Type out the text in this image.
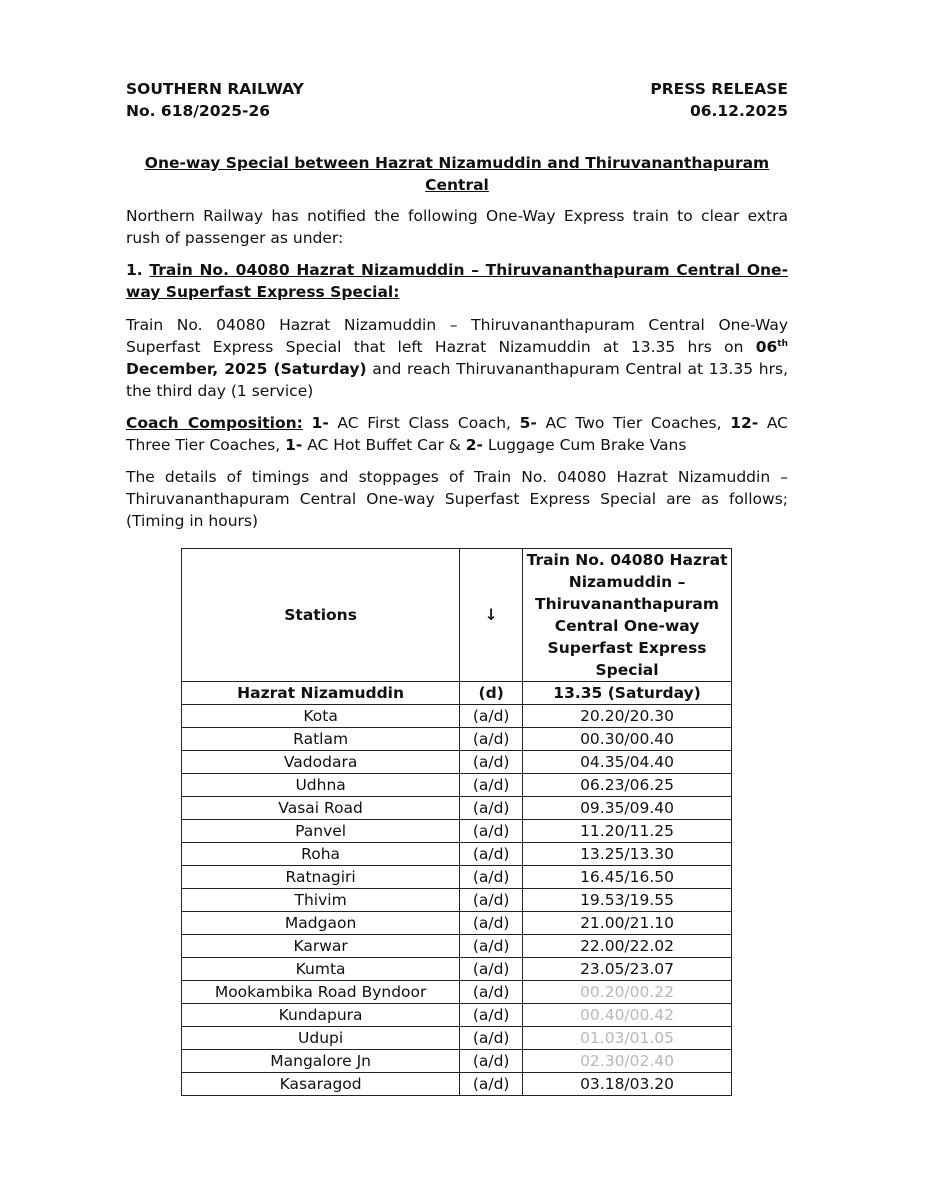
SOUTHERN RAILWAY
No. 618/2025-26
PRESS RELEASE
06.12.2025
One-way Special between Hazrat Nizamuddin and Thiruvananthapuram Central

Northern Railway has notified the following One-Way Express train to clear extra rush of passenger as under:

1. Train No. 04080 Hazrat Nizamuddin – Thiruvananthapuram Central One-way Superfast Express Special:

Train No. 04080 Hazrat Nizamuddin – Thiruvananthapuram Central One-Way Superfast Express Special that left Hazrat Nizamuddin at 13.35 hrs on 06th December, 2025 (Saturday) and reach Thiruvananthapuram Central at 13.35 hrs, the third day (1 service)

Coach Composition: 1- AC First Class Coach, 5- AC Two Tier Coaches, 12- AC Three Tier Coaches, 1- AC Hot Buffet Car & 2- Luggage Cum Brake Vans

The details of timings and stoppages of Train No. 04080 Hazrat Nizamuddin – Thiruvananthapuram Central One-way Superfast Express Special are as follows; (Timing in hours)

Stations	↓	Train No. 04080 Hazrat Nizamuddin – Thiruvananthapuram Central One-way Superfast Express Special
Hazrat Nizamuddin	(d)	13.35 (Saturday)
Kota	(a/d)	20.20/20.30
Ratlam	(a/d)	00.30/00.40
Vadodara	(a/d)	04.35/04.40
Udhna	(a/d)	06.23/06.25
Vasai Road	(a/d)	09.35/09.40
Panvel	(a/d)	11.20/11.25
Roha	(a/d)	13.25/13.30
Ratnagiri	(a/d)	16.45/16.50
Thivim	(a/d)	19.53/19.55
Madgaon	(a/d)	21.00/21.10
Karwar	(a/d)	22.00/22.02
Kumta	(a/d)	23.05/23.07
Mookambika Road Byndoor	(a/d)	00.20/00.22
Kundapura	(a/d)	00.40/00.42
Udupi	(a/d)	01.03/01.05
Mangalore Jn	(a/d)	02.30/02.40
Kasaragod	(a/d)	03.18/03.20
